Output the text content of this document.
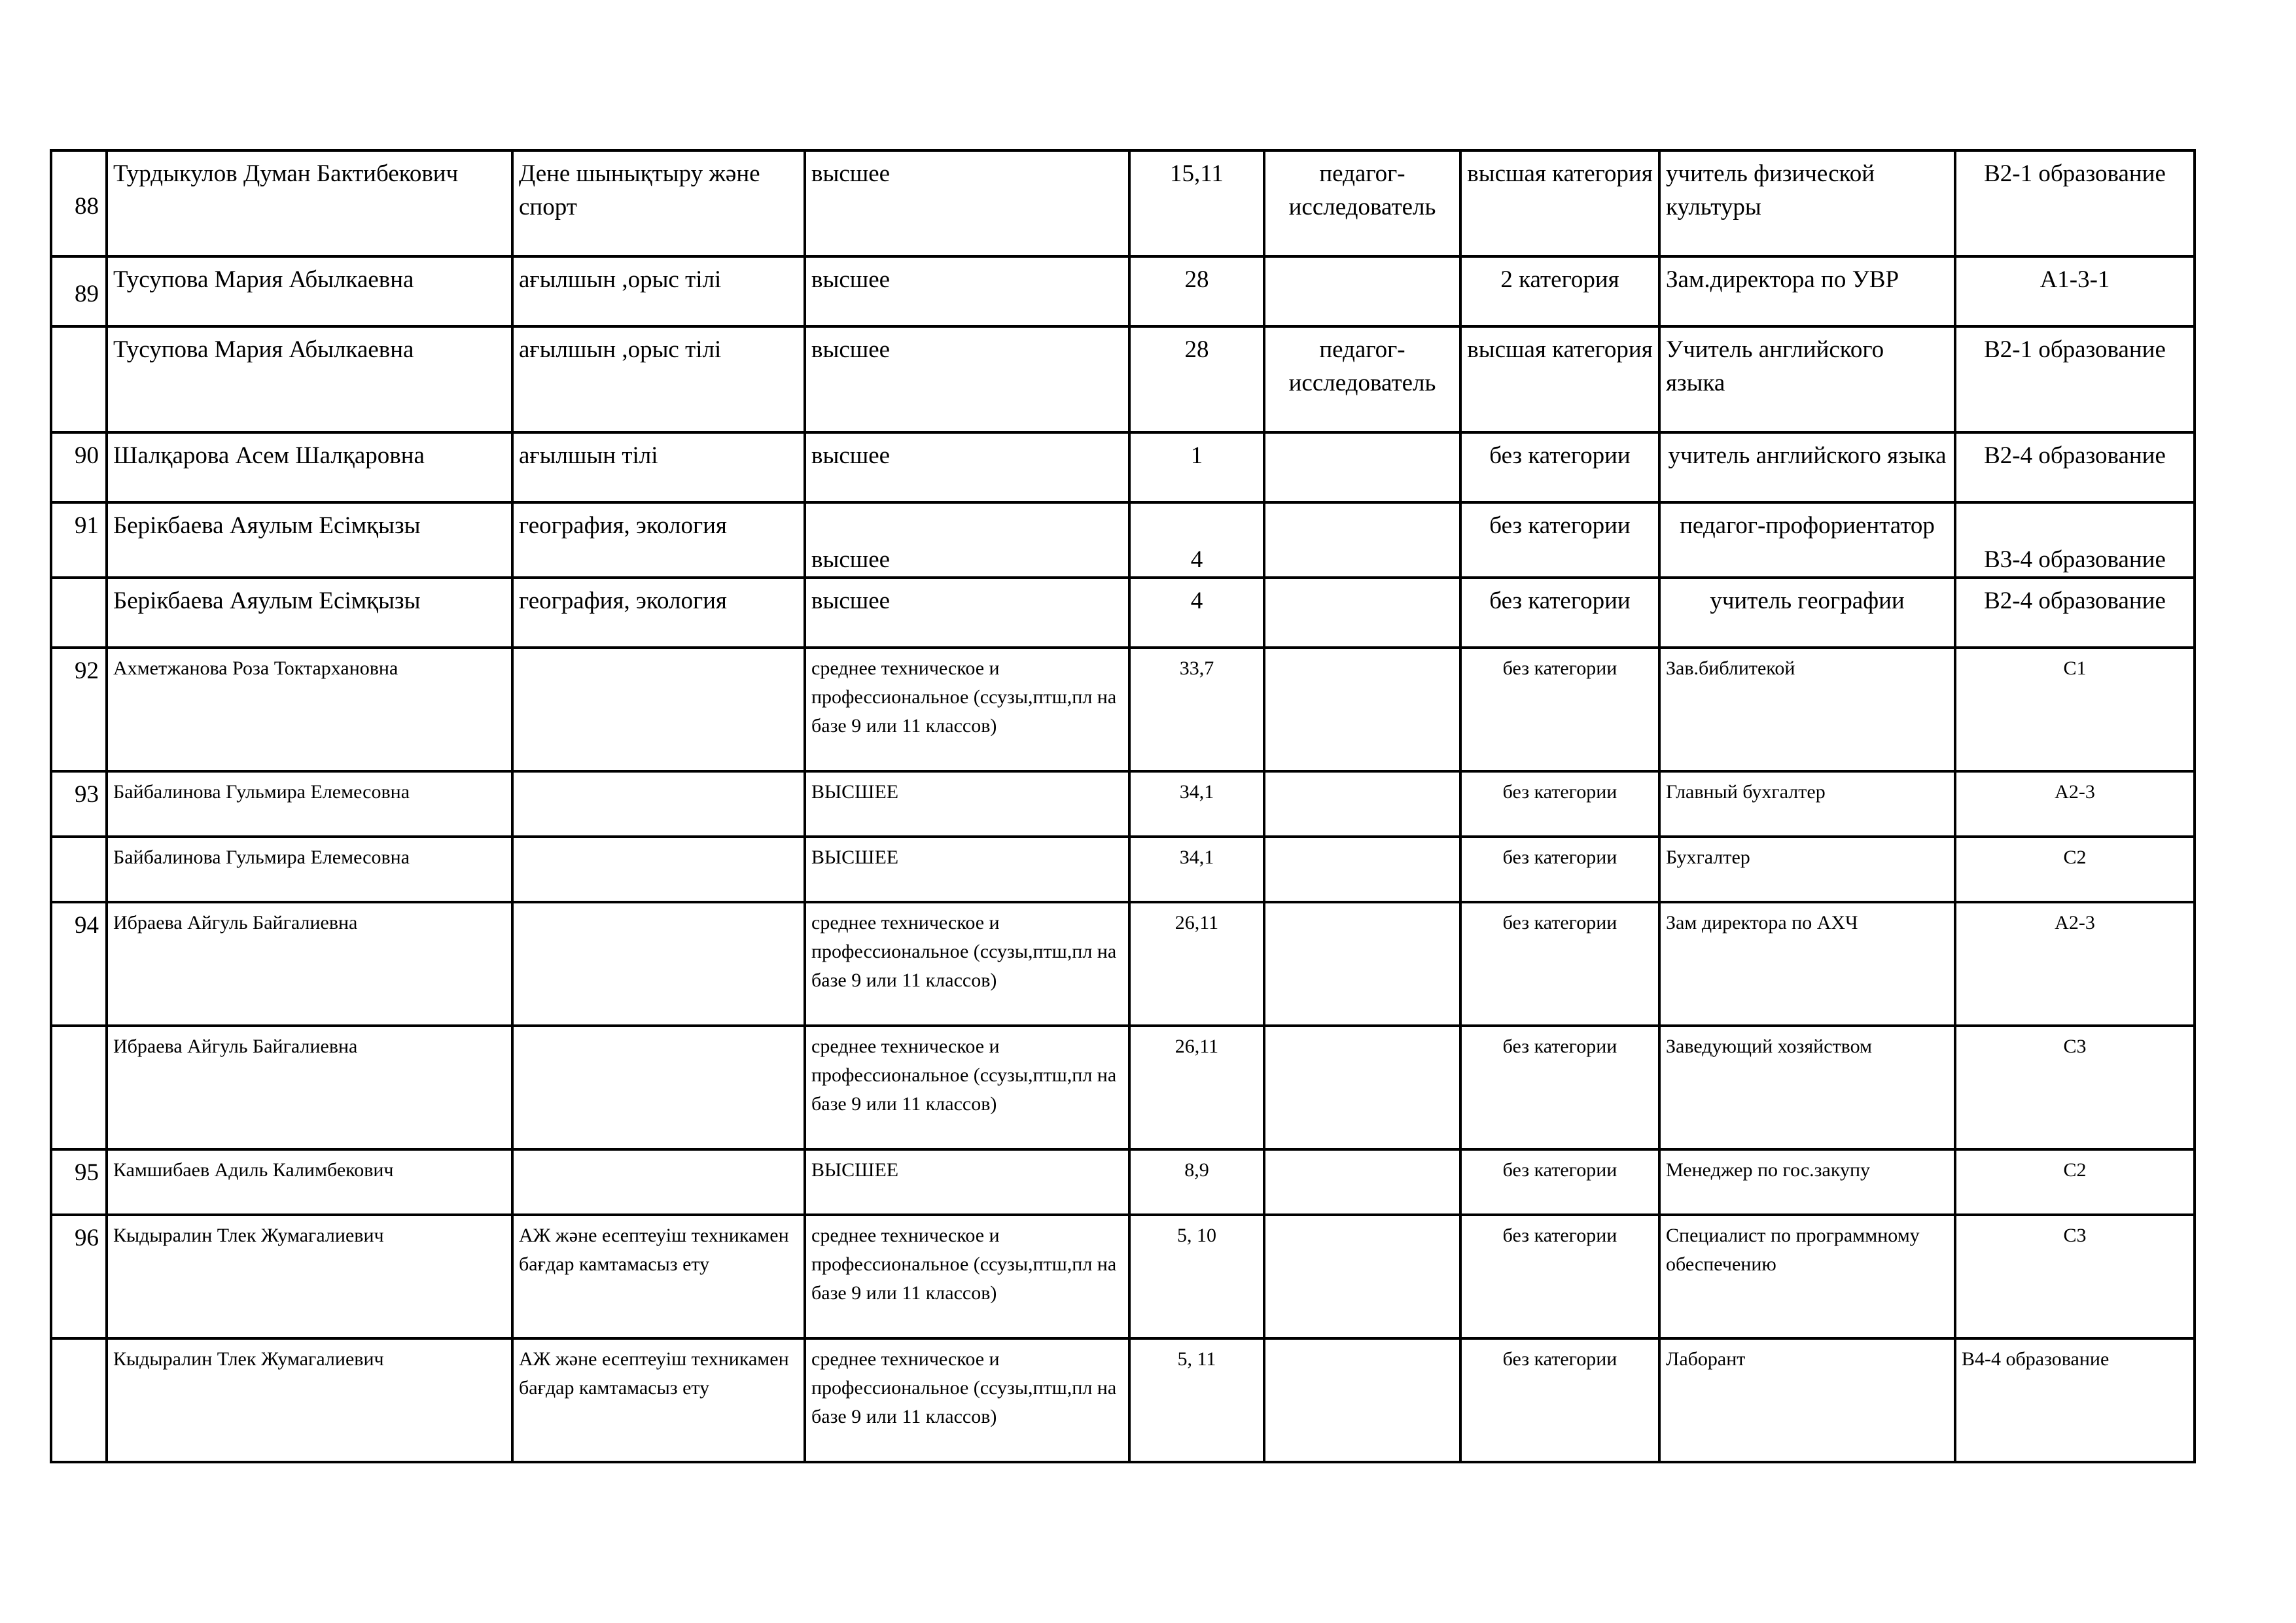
88	Турдыкулов Думан Бактибекович	Дене шынықтыру және спорт	высшее	15,11	педагог-исследователь	высшая категория	учитель физической культуры	B2-1 образование
89	Тусупова Мария Абылкаевна	ағылшын ,орыс тілі	высшее	28		2 категория	Зам.директора по УВР	A1-3-1
	Тусупова Мария Абылкаевна	ағылшын ,орыс тілі	высшее	28	педагог-исследователь	высшая категория	Учитель английского языка	B2-1 образование
90	Шалқарова Асем Шалқаровна	ағылшын тілі	высшее	1		без категории	учитель английского языка	B2-4 образование
91	Берікбаева Аяулым Есімқызы	география, экология	высшее	4		без категории	педагог-профориентатор	B3-4 образование
	Берікбаева Аяулым Есімқызы	география, экология	высшее	4		без категории	учитель географии	B2-4 образование
92	Ахметжанова Роза Токтархановна		среднее техническое и профессиональное (ссузы,птш,пл на базе 9 или 11 классов)	33,7		без категории	Зав.библитекой	C1
93	Байбалинова Гульмира Елемесовна		ВЫСШЕЕ	34,1		без категории	Главный бухгалтер	A2-3
	Байбалинова Гульмира Елемесовна		ВЫСШЕЕ	34,1		без категории	Бухгалтер	C2
94	Ибраева Айгуль Байгалиевна		среднее техническое и профессиональное (ссузы,птш,пл на базе 9 или 11 классов)	26,11		без категории	Зам директора по АХЧ	A2-3
	Ибраева Айгуль Байгалиевна		среднее техническое и профессиональное (ссузы,птш,пл на базе 9 или 11 классов)	26,11		без категории	Заведующий хозяйством	C3
95	Камшибаев Адиль Калимбекович		ВЫСШЕЕ	8,9		без категории	Менеджер по гос.закупу	C2
96	Кыдыралин Тлек Жумагалиевич	АЖ және есептеуіш техникамен бағдар камтамасыз ету	среднее техническое и профессиональное (ссузы,птш,пл на базе 9 или 11 классов)	5, 10		без категории	Специалист по программному обеспечению	C3
	Кыдыралин Тлек Жумагалиевич	АЖ және есептеуіш техникамен бағдар камтамасыз ету	среднее техническое и профессиональное (ссузы,птш,пл на базе 9 или 11 классов)	5, 11		без категории	Лаборант	B4-4 образование
